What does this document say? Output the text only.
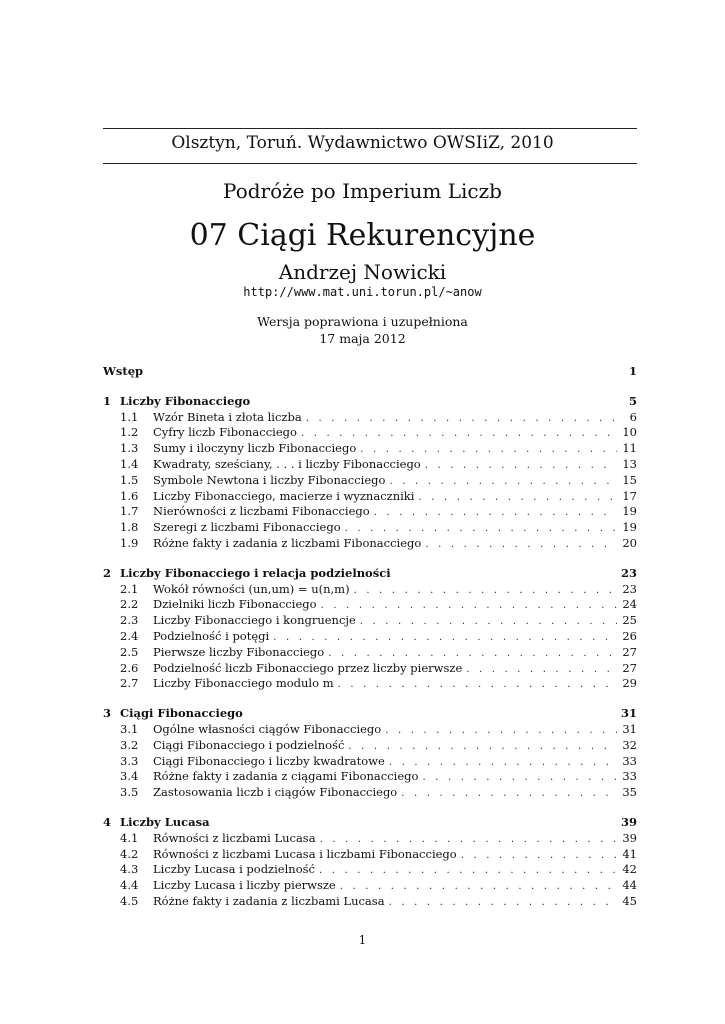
Olsztyn, Toruń. Wydawnictwo OWSIiZ, 2010
Podróże po Imperium Liczb
07 Ciągi Rekurencyjne
Andrzej Nowicki
http://www.mat.uni.torun.pl/~anow
Wersja poprawiona i uzupełniona
17 maja 2012
Wstęp	1
1 Liczby Fibonacciego	5
1.1	Wzór Bineta i złota liczba . . .	6
1.2	Cyfry liczb Fibonacciego . . .	10
1.3	Sumy i iloczyny liczb Fibonacciego . . .	11
1.4	Kwadraty, sześciany, . . . i liczby Fibonacciego . . .	13
1.5	Symbole Newtona i liczby Fibonacciego . . .	15
1.6	Liczby Fibonacciego, macierze i wyznaczniki . . .	17
1.7	Nierówności z liczbami Fibonacciego . . .	19
1.8	Szeregi z liczbami Fibonacciego . . .	19
1.9	Różne fakty i zadania z liczbami Fibonacciego . . .	20
2 Liczby Fibonacciego i relacja podzielności	23
2.1	Wokół równości (un,um) = u(n,m) . . .	23
2.2	Dzielniki liczb Fibonacciego . . .	24
2.3	Liczby Fibonacciego i kongruencje . . .	25
2.4	Podzielność i potęgi . . .	26
2.5	Pierwsze liczby Fibonacciego . . .	27
2.6	Podzielność liczb Fibonacciego przez liczby pierwsze . . .	27
2.7	Liczby Fibonacciego modulo m . . .	29
3 Ciągi Fibonacciego	31
3.1	Ogólne własności ciągów Fibonacciego . . .	31
3.2	Ciągi Fibonacciego i podzielność . . .	32
3.3	Ciągi Fibonacciego i liczby kwadratowe . . .	33
3.4	Różne fakty i zadania z ciągami Fibonacciego . . .	33
3.5	Zastosowania liczb i ciągów Fibonacciego . . .	35
4 Liczby Lucasa	39
4.1	Równości z liczbami Lucasa . . .	39
4.2	Równości z liczbami Lucasa i liczbami Fibonacciego . . .	41
4.3	Liczby Lucasa i podzielność . . .	42
4.4	Liczby Lucasa i liczby pierwsze . . .	44
4.5	Różne fakty i zadania z liczbami Lucasa . . .	45
1
